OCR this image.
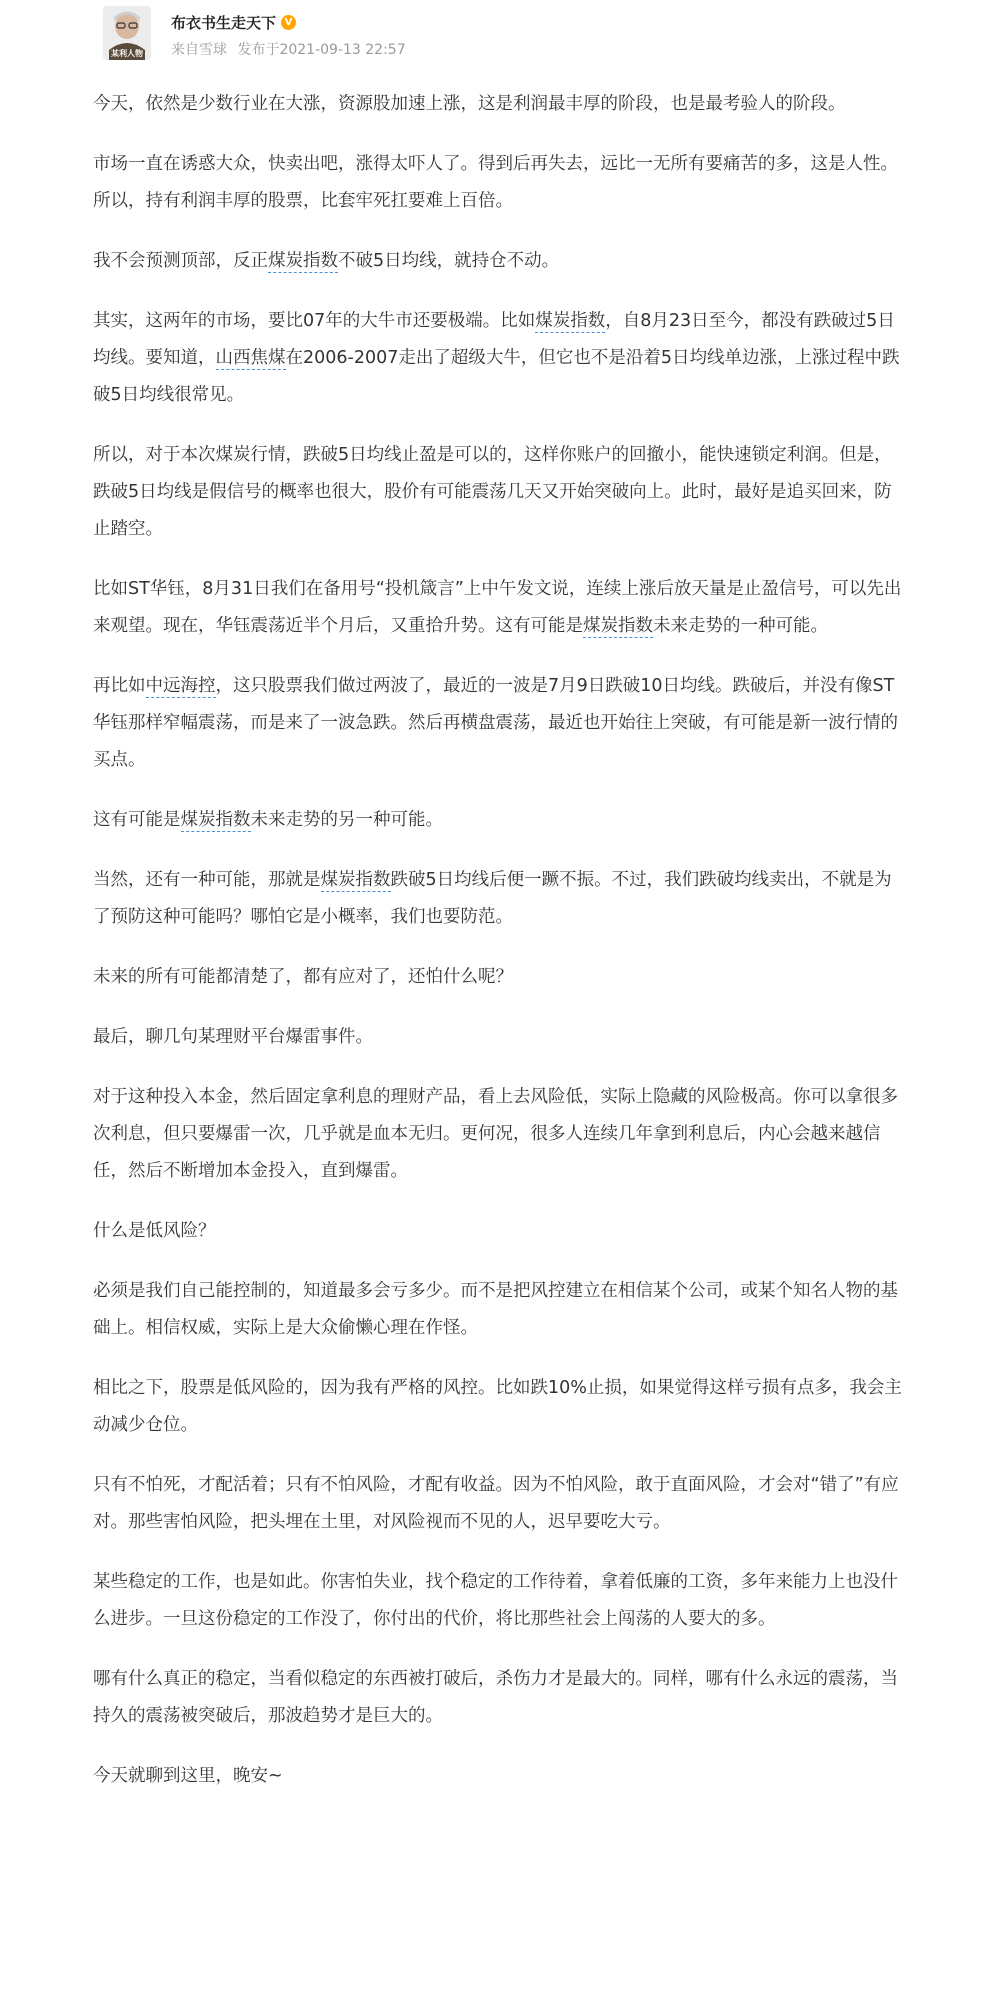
某利人物
布衣书生走天下 V
来自雪球 发布于2021-09-13 22:57

今天，依然是少数行业在大涨，资源股加速上涨，这是利润最丰厚的阶段，也是最考验人的阶段。

市场一直在诱惑大众，快卖出吧，涨得太吓人了。得到后再失去，远比一无所有要痛苦的多，这是人性。所以，持有利润丰厚的股票，比套牢死扛要难上百倍。

我不会预测顶部，反正煤炭指数不破5日均线，就持仓不动。

其实，这两年的市场，要比07年的大牛市还要极端。比如煤炭指数，自8月23日至今，都没有跌破过5日均线。要知道，山西焦煤在2006-2007走出了超级大牛，但它也不是沿着5日均线单边涨，上涨过程中跌破5日均线很常见。

所以，对于本次煤炭行情，跌破5日均线止盈是可以的，这样你账户的回撤小，能快速锁定利润。但是，跌破5日均线是假信号的概率也很大，股价有可能震荡几天又开始突破向上。此时，最好是追买回来，防止踏空。

比如ST华钰，8月31日我们在备用号“投机箴言”上中午发文说，连续上涨后放天量是止盈信号，可以先出来观望。现在，华钰震荡近半个月后，又重拾升势。这有可能是煤炭指数未来走势的一种可能。

再比如中远海控，这只股票我们做过两波了，最近的一波是7月9日跌破10日均线。跌破后，并没有像ST华钰那样窄幅震荡，而是来了一波急跌。然后再横盘震荡，最近也开始往上突破，有可能是新一波行情的买点。

这有可能是煤炭指数未来走势的另一种可能。

当然，还有一种可能，那就是煤炭指数跌破5日均线后便一蹶不振。不过，我们跌破均线卖出，不就是为了预防这种可能吗？哪怕它是小概率，我们也要防范。

未来的所有可能都清楚了，都有应对了，还怕什么呢？

最后，聊几句某理财平台爆雷事件。

对于这种投入本金，然后固定拿利息的理财产品，看上去风险低，实际上隐藏的风险极高。你可以拿很多次利息，但只要爆雷一次，几乎就是血本无归。更何况，很多人连续几年拿到利息后，内心会越来越信任，然后不断增加本金投入，直到爆雷。

什么是低风险？

必须是我们自己能控制的，知道最多会亏多少。而不是把风控建立在相信某个公司，或某个知名人物的基础上。相信权威，实际上是大众偷懒心理在作怪。

相比之下，股票是低风险的，因为我有严格的风控。比如跌10%止损，如果觉得这样亏损有点多，我会主动减少仓位。

只有不怕死，才配活着；只有不怕风险，才配有收益。因为不怕风险，敢于直面风险，才会对“错了”有应对。那些害怕风险，把头埋在土里，对风险视而不见的人，迟早要吃大亏。

某些稳定的工作，也是如此。你害怕失业，找个稳定的工作待着，拿着低廉的工资，多年来能力上也没什么进步。一旦这份稳定的工作没了，你付出的代价，将比那些社会上闯荡的人要大的多。

哪有什么真正的稳定，当看似稳定的东西被打破后，杀伤力才是最大的。同样，哪有什么永远的震荡，当持久的震荡被突破后，那波趋势才是巨大的。

今天就聊到这里，晚安~
